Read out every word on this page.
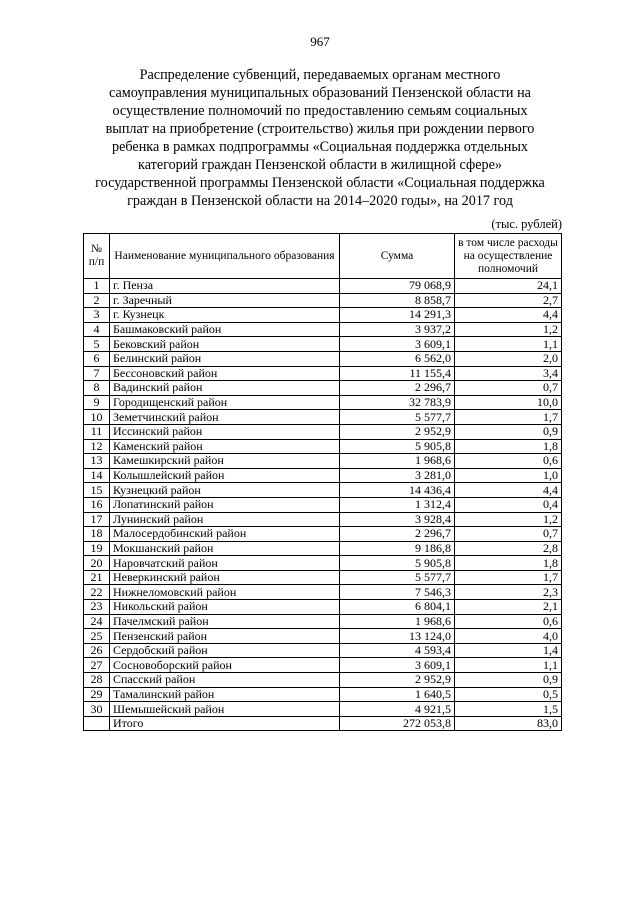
967
Распределение субвенций, передаваемых органам местного
самоуправления муниципальных образований Пензенской области на
осуществление полномочий по предоставлению семьям социальных
выплат на приобретение (строительство) жилья при рождении первого
ребенка в рамках подпрограммы «Социальная поддержка отдельных
категорий граждан Пензенской области в жилищной сфере»
государственной программы Пензенской области «Социальная поддержка
граждан в Пензенской области на 2014–2020 годы», на 2017 год
(тыс. рублей)
№ п/п	Наименование муниципального образования	Сумма	в том числе расходы на осуществление полномочий
1	г. Пенза	79 068,9	24,1
2	г. Заречный	8 858,7	2,7
3	г. Кузнецк	14 291,3	4,4
4	Башмаковский район	3 937,2	1,2
5	Бековский район	3 609,1	1,1
6	Белинский район	6 562,0	2,0
7	Бессоновский район	11 155,4	3,4
8	Вадинский район	2 296,7	0,7
9	Городищенский район	32 783,9	10,0
10	Земетчинский район	5 577,7	1,7
11	Иссинский район	2 952,9	0,9
12	Каменский район	5 905,8	1,8
13	Камешкирский район	1 968,6	0,6
14	Колышлейский район	3 281,0	1,0
15	Кузнецкий район	14 436,4	4,4
16	Лопатинский район	1 312,4	0,4
17	Лунинский район	3 928,4	1,2
18	Малосердобинский район	2 296,7	0,7
19	Мокшанский район	9 186,8	2,8
20	Наровчатский район	5 905,8	1,8
21	Неверкинский район	5 577,7	1,7
22	Нижнеломовский район	7 546,3	2,3
23	Никольский район	6 804,1	2,1
24	Пачелмский район	1 968,6	0,6
25	Пензенский район	13 124,0	4,0
26	Сердобский район	4 593,4	1,4
27	Сосновоборский район	3 609,1	1,1
28	Спасский район	2 952,9	0,9
29	Тамалинский район	1 640,5	0,5
30	Шемышейский район	4 921,5	1,5
	Итого	272 053,8	83,0
